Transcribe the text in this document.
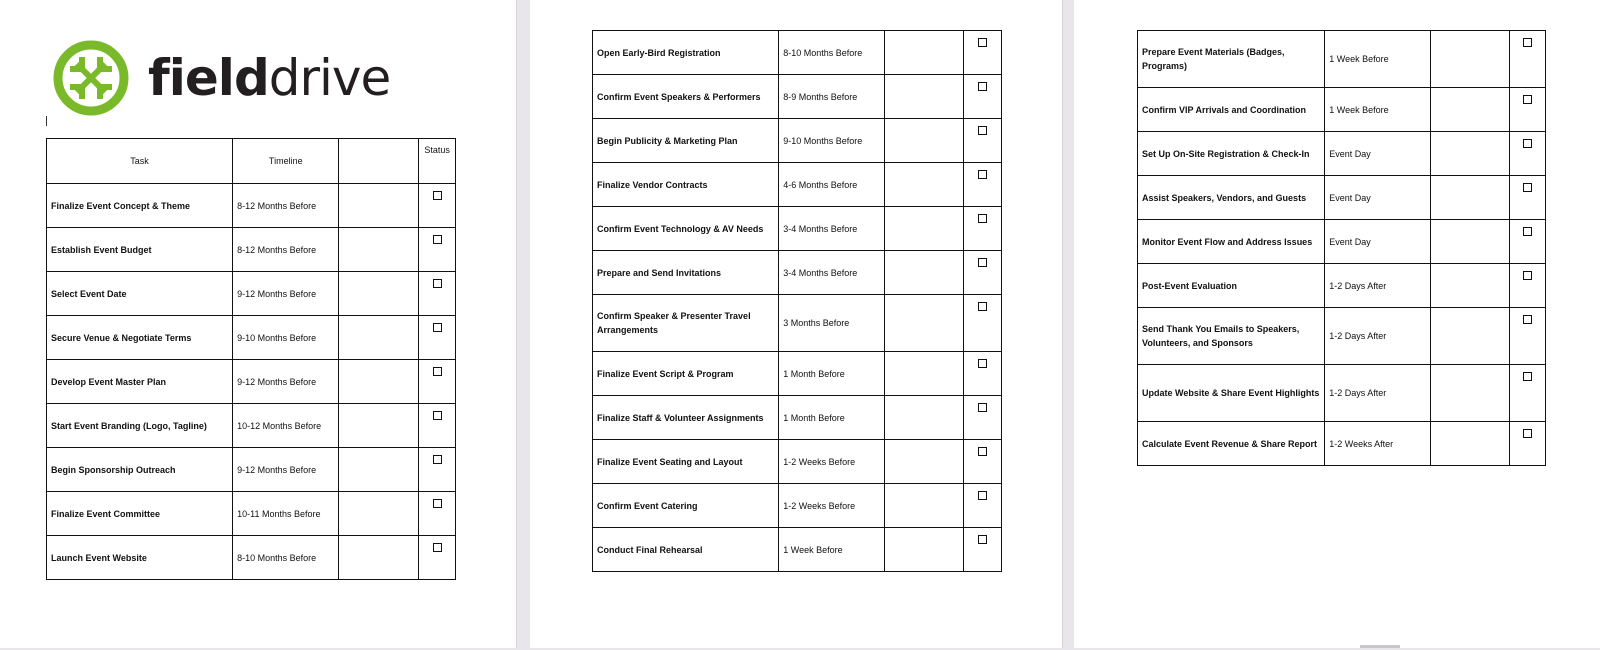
fielddrive
Task	Timeline		Status
Finalize Event Concept & Theme	8-12 Months Before		
Establish Event Budget	8-12 Months Before		
Select Event Date	9-12 Months Before		
Secure Venue & Negotiate Terms	9-10 Months Before		
Develop Event Master Plan	9-12 Months Before		
Start Event Branding (Logo, Tagline)	10-12 Months Before		
Begin Sponsorship Outreach	9-12 Months Before		
Finalize Event Committee	10-11 Months Before		
Launch Event Website	8-10 Months Before		
Open Early-Bird Registration	8-10 Months Before		
Confirm Event Speakers & Performers	8-9 Months Before		
Begin Publicity & Marketing Plan	9-10 Months Before		
Finalize Vendor Contracts	4-6 Months Before		
Confirm Event Technology & AV Needs	3-4 Months Before		
Prepare and Send Invitations	3-4 Months Before		
Confirm Speaker & Presenter Travel Arrangements	3 Months Before		
Finalize Event Script & Program	1 Month Before		
Finalize Staff & Volunteer Assignments	1 Month Before		
Finalize Event Seating and Layout	1-2 Weeks Before		
Confirm Event Catering	1-2 Weeks Before		
Conduct Final Rehearsal	1 Week Before		
Prepare Event Materials (Badges, Programs)	1 Week Before		
Confirm VIP Arrivals and Coordination	1 Week Before		
Set Up On-Site Registration & Check-In	Event Day		
Assist Speakers, Vendors, and Guests	Event Day		
Monitor Event Flow and Address Issues	Event Day		
Post-Event Evaluation	1-2 Days After		
Send Thank You Emails to Speakers, Volunteers, and Sponsors	1-2 Days After		
Update Website & Share Event Highlights	1-2 Days After		
Calculate Event Revenue & Share Report	1-2 Weeks After		
